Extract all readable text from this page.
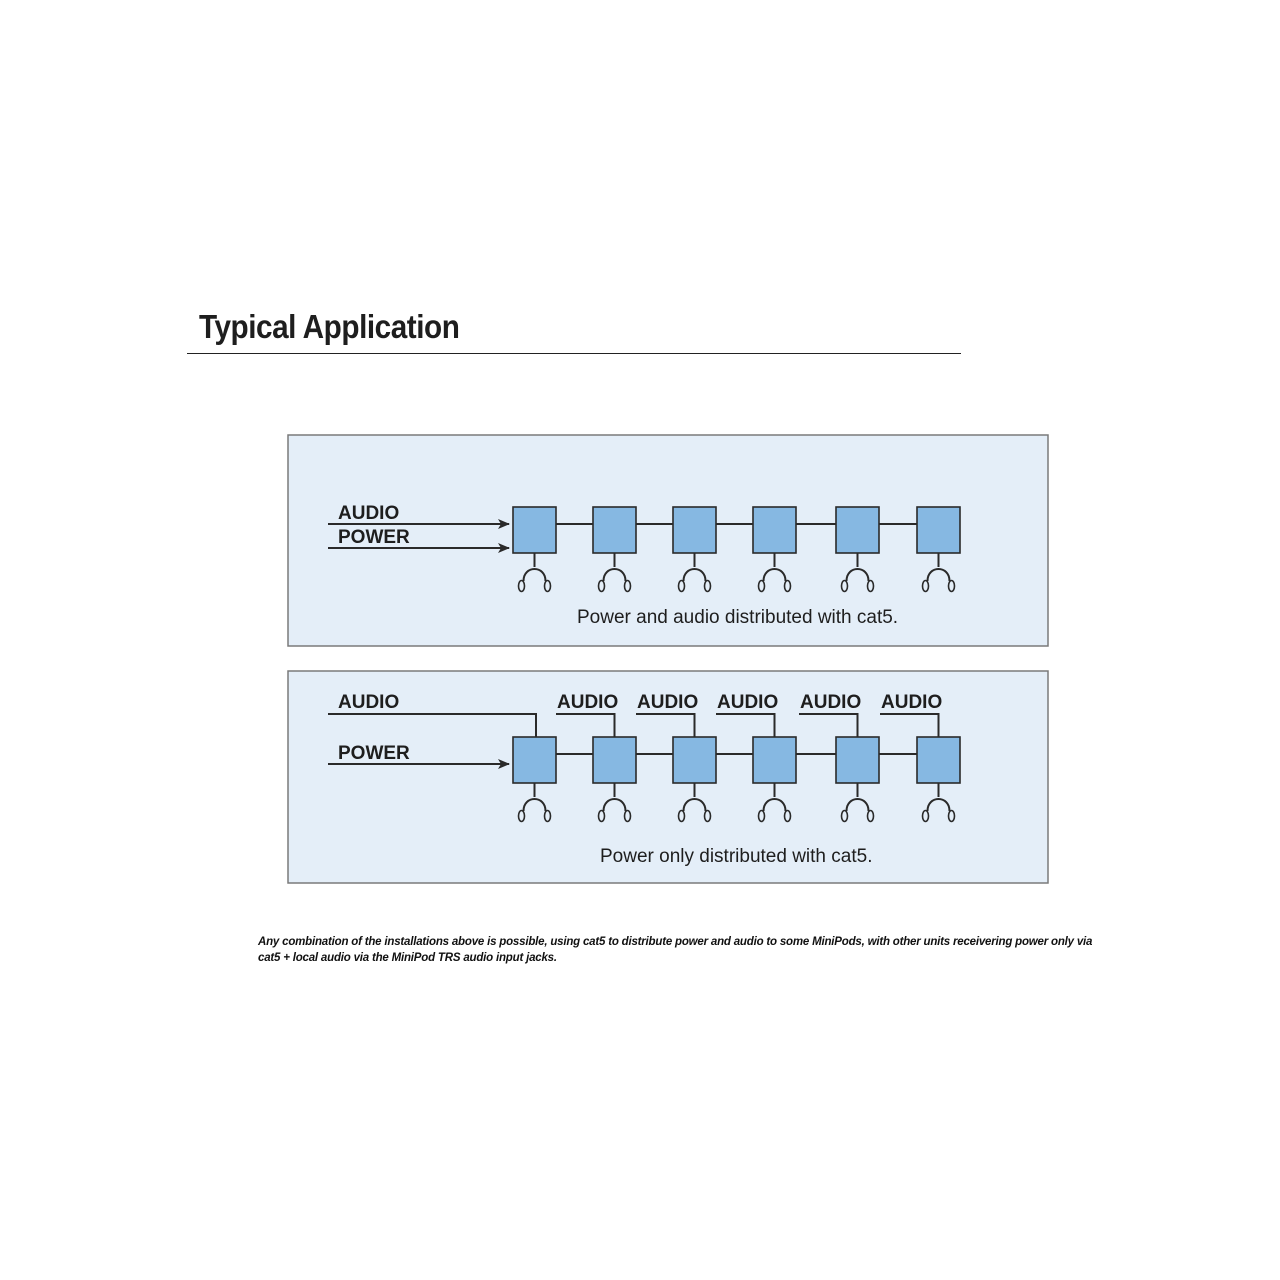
Typical Application
AUDIO
POWER
Power and audio distributed with cat5.
AUDIO
POWER
AUDIO AUDIO AUDIO AUDIO AUDIO
Power only distributed with cat5.

Any combination of the installations above is possible, using cat5 to distribute power and audio to some MiniPods, with other units receivering power only via cat5 + local audio via the MiniPod TRS audio input jacks.
